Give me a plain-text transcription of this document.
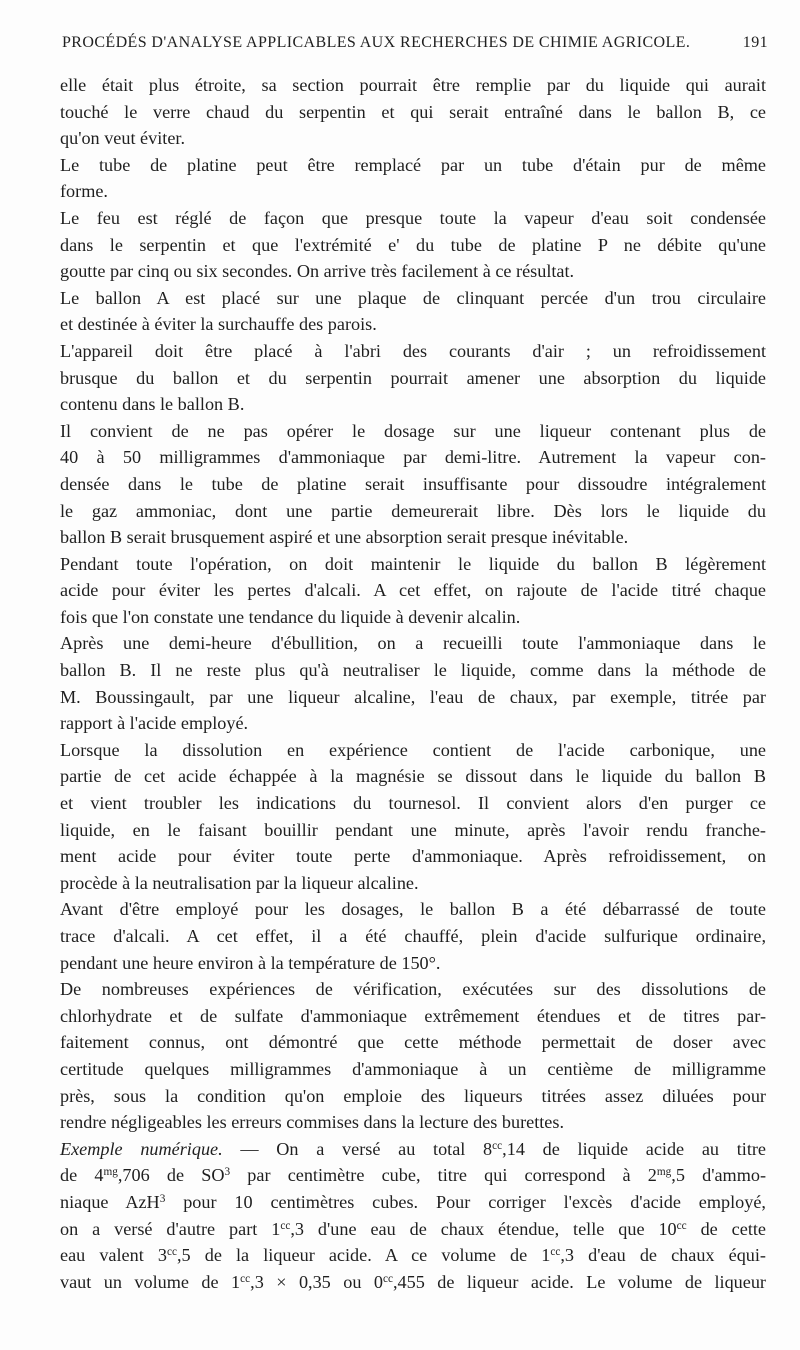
PROCÉDÉS D'ANALYSE APPLICABLES AUX RECHERCHES DE CHIMIE AGRICOLE.	191

elle était plus étroite, sa section pourrait être remplie par du liquide qui aurait
touché le verre chaud du serpentin et qui serait entraîné dans le ballon B, ce
qu'on veut éviter.

Le tube de platine peut être remplacé par un tube d'étain pur de même
forme.

Le feu est réglé de façon que presque toute la vapeur d'eau soit condensée
dans le serpentin et que l'extrémité e' du tube de platine P ne débite qu'une
goutte par cinq ou six secondes. On arrive très facilement à ce résultat.

Le ballon A est placé sur une plaque de clinquant percée d'un trou circulaire
et destinée à éviter la surchauffe des parois.

L'appareil doit être placé à l'abri des courants d'air ; un refroidissement
brusque du ballon et du serpentin pourrait amener une absorption du liquide
contenu dans le ballon B.

Il convient de ne pas opérer le dosage sur une liqueur contenant plus de
40 à 50 milligrammes d'ammoniaque par demi-litre. Autrement la vapeur con-
densée dans le tube de platine serait insuffisante pour dissoudre intégralement
le gaz ammoniac, dont une partie demeurerait libre. Dès lors le liquide du
ballon B serait brusquement aspiré et une absorption serait presque inévitable.

Pendant toute l'opération, on doit maintenir le liquide du ballon B légèrement
acide pour éviter les pertes d'alcali. A cet effet, on rajoute de l'acide titré chaque
fois que l'on constate une tendance du liquide à devenir alcalin.

Après une demi-heure d'ébullition, on a recueilli toute l'ammoniaque dans le
ballon B. Il ne reste plus qu'à neutraliser le liquide, comme dans la méthode de
M. Boussingault, par une liqueur alcaline, l'eau de chaux, par exemple, titrée par
rapport à l'acide employé.

Lorsque la dissolution en expérience contient de l'acide carbonique, une
partie de cet acide échappée à la magnésie se dissout dans le liquide du ballon B
et vient troubler les indications du tournesol. Il convient alors d'en purger ce
liquide, en le faisant bouillir pendant une minute, après l'avoir rendu franche-
ment acide pour éviter toute perte d'ammoniaque. Après refroidissement, on
procède à la neutralisation par la liqueur alcaline.

Avant d'être employé pour les dosages, le ballon B a été débarrassé de toute
trace d'alcali. A cet effet, il a été chauffé, plein d'acide sulfurique ordinaire,
pendant une heure environ à la température de 150°.

De nombreuses expériences de vérification, exécutées sur des dissolutions de
chlorhydrate et de sulfate d'ammoniaque extrêmement étendues et de titres par-
faitement connus, ont démontré que cette méthode permettait de doser avec
certitude quelques milligrammes d'ammoniaque à un centième de milligramme
près, sous la condition qu'on emploie des liqueurs titrées assez diluées pour
rendre négligeables les erreurs commises dans la lecture des burettes.

Exemple numérique. — On a versé au total $8^{cc},14$ de liquide acide au titre
de $4^{mg},706$ de $SO^3$ par centimètre cube, titre qui correspond à $2^{mg},5$ d'ammo-
niaque AzH$^3$ pour 10 centimètres cubes. Pour corriger l'excès d'acide employé,
on a versé d'autre part $1^{cc},3$ d'une eau de chaux étendue, telle que $10^{cc}$ de cette
eau valent $3^{cc},5$ de la liqueur acide. A ce volume de $1^{cc},3$ d'eau de chaux équi-
vaut un volume de $1^{cc},3 \times 0,35$ ou $0^{cc},455$ de liqueur acide. Le volume de liqueur
